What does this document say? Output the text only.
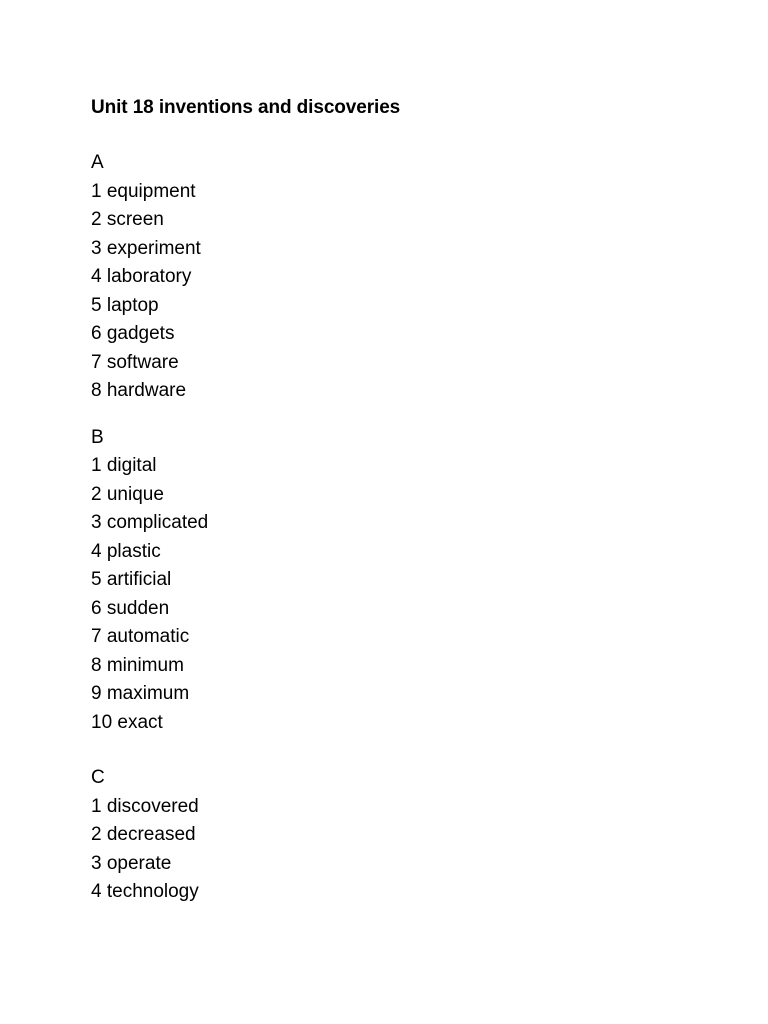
Unit 18 inventions and discoveries
A
1 equipment
2 screen
3 experiment
4 laboratory
5 laptop
6 gadgets
7 software
8 hardware
B
1 digital
2 unique
3 complicated
4 plastic
5 artificial
6 sudden
7 automatic
8 minimum
9 maximum
10 exact
C
1 discovered
2 decreased
3 operate
4 technology
